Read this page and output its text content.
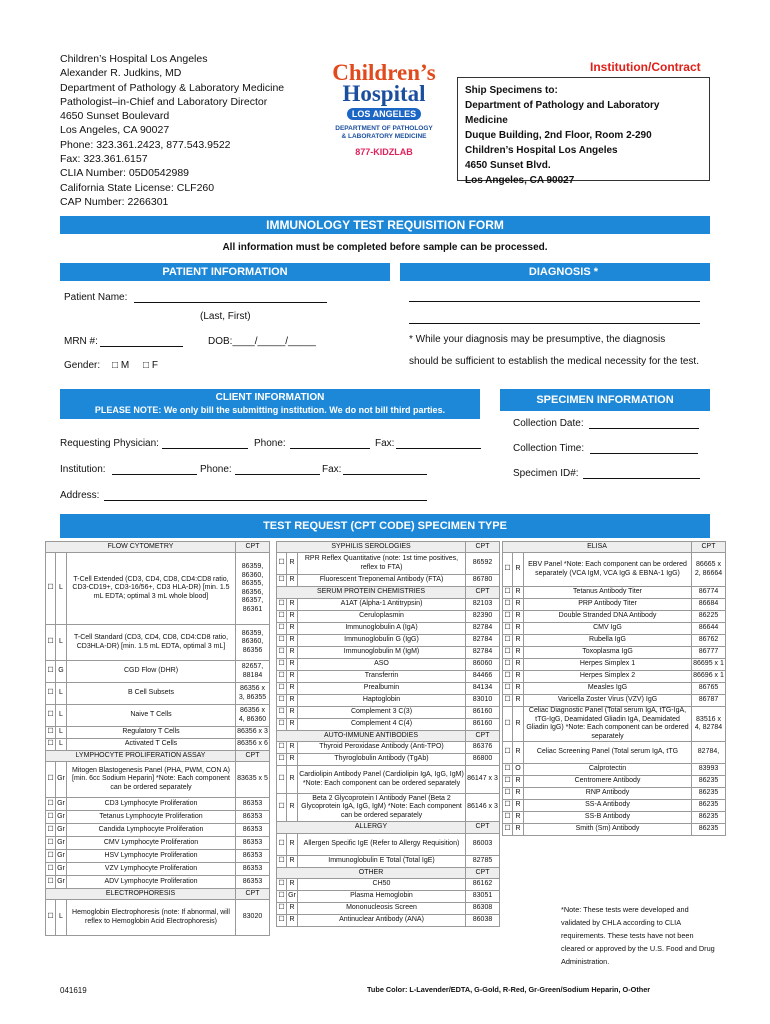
Children’s Hospital Los Angeles
Alexander R. Judkins, MD
Department of Pathology & Laboratory Medicine
Pathologist–in-Chief and Laboratory Director
4650 Sunset Boulevard
Los Angeles, CA 90027
Phone: 323.361.2423, 877.543.9522
Fax: 323.361.6157
CLIA Number: 05D0542989
California State License: CLF260
CAP Number: 2266301
Children’s
Hospital
LOS ANGELES
DEPARTMENT OF PATHOLOGY
& LABORATORY MEDICINE
877-KIDZLAB
Institution/Contract
Ship Specimens to:
Department of Pathology and Laboratory Medicine
Duque Building, 2nd Floor, Room 2-290
Children’s Hospital Los Angeles
4650 Sunset Blvd.
Los Angeles, CA 90027
IMMUNOLOGY TEST REQUISITION FORM
All information must be completed before sample can be processed.
PATIENT INFORMATION	DIAGNOSIS *
Patient Name:
(Last, First)
MRN #:	DOB:____/_____/_____
Gender: □ M □ F
* While your diagnosis may be presumptive, the diagnosis
should be sufficient to establish the medical necessity for the test.
CLIENT INFORMATION
PLEASE NOTE: We only bill the submitting institution. We do not bill third parties.
SPECIMEN INFORMATION
Collection Date:
Collection Time:
Specimen ID#:
Requesting Physician:	Phone:	Fax:
Institution:	Phone:	Fax:
Address:
TEST REQUEST (CPT CODE) SPECIMEN TYPE
FLOW CYTOMETRY			CPT
☐	L	T-Cell Extended (CD3, CD4, CD8, CD4:CD8 ratio, CD3-CD19+, CD3-16/56+, CD3 HLA-DR) [min. 1.5 mL EDTA; optimal 3 mL whole blood]	86359, 86360, 86355, 86356, 86357, 86361
☐	L	T-Cell Standard (CD3, CD4, CD8, CD4:CD8 ratio, CD3HLA-DR) [min. 1.5 mL EDTA, optimal 3 mL]	86359, 86360, 86356
☐	G	CGD Flow (DHR)	82657, 88184
☐	L	B Cell Subsets	86356 x 3, 86355
☐	L	Naive T Cells	86356 x 4, 86360
☐	L	Regulatory T Cells	86356 x 3
☐	L	Activated T Cells	86356 x 6
LYMPHOCYTE PROLIFERATION ASSAY			CPT
☐	Gr	Mitogen Blastogenesis Panel (PHA, PWM, CON A) [min. 6cc Sodium Heparin] *Note: Each component can be ordered separately	83635 x 5
☐	Gr	CD3 Lymphocyte Proliferation	86353
☐	Gr	Tetanus Lymphocyte Proliferation	86353
☐	Gr	Candida Lymphocyte Proliferation	86353
☐	Gr	CMV Lymphocyte Proliferation	86353
☐	Gr	HSV Lymphocyte Proliferation	86353
☐	Gr	VZV Lymphocyte Proliferation	86353
☐	Gr	ADV Lymphocyte Proliferation	86353
ELECTROPHORESIS			CPT
☐	L	Hemoglobin Electrophoresis (note: If abnormal, will reflex to Hemoglobin Acid Electrophoresis)	83020
SYPHILIS SEROLOGIES			CPT
☐	R	RPR Reflex Quantitative (note: 1st time positives, reflex to FTA)	86592
☐	R	Fluorescent Treponemal Antibody (FTA)	86780
SERUM PROTEIN CHEMISTRIES			CPT
☐	R	A1AT (Alpha-1 Antitrypsin)	82103
☐	R	Ceruloplasmin	82390
☐	R	Immunoglobulin A (IgA)	82784
☐	R	Immunoglobulin G (IgG)	82784
☐	R	Immunoglobulin M (IgM)	82784
☐	R	ASO	86060
☐	R	Transferrin	84466
☐	R	Prealbumin	84134
☐	R	Haptoglobin	83010
☐	R	Complement 3 C(3)	86160
☐	R	Complement 4 C(4)	86160
AUTO-IMMUNE ANTIBODIES			CPT
☐	R	Thyroid Peroxidase Antibody (Anti-TPO)	86376
☐	R	Thyroglobulin Antibody (TgAb)	86800
☐	R	Cardiolipin Antibody Panel (Cardiolipin IgA, IgG, IgM) *Note: Each component can be ordered separately	86147 x 3
☐	R	Beta 2 Glycoprotein I Antibody Panel (Beta 2 Glycoprotein IgA, IgG, IgM) *Note: Each component can be ordered separately	86146 x 3
ALLERGY			CPT
☐	R	Allergen Specific IgE (Refer to Allergy Requisition)	86003
☐	R	Immunoglobulin E Total (Total IgE)	82785
OTHER			CPT
☐	R	CH50	86162
☐	Gr	Plasma Hemoglobin	83051
☐	R	Mononucleosis Screen	86308
☐	R	Antinuclear Antibody (ANA)	86038
ELISA			CPT
☐	R	EBV Panel *Note: Each component can be ordered separately (VCA IgM, VCA IgG & EBNA-1 IgG)	86665 x 2, 86664
☐	R	Tetanus Antibody Titer	86774
☐	R	PRP Antibody Titer	86684
☐	R	Double Stranded DNA Antibody	86225
☐	R	CMV IgG	86644
☐	R	Rubella IgG	86762
☐	R	Toxoplasma IgG	86777
☐	R	Herpes Simplex 1	86695 x 1
☐	R	Herpes Simplex 2	86696 x 1
☐	R	Measles IgG	86765
☐	R	Varicella Zoster Virus (VZV) IgG	86787
☐	R	Celiac Diagnostic Panel (Total serum IgA, tTG-IgA, tTG-IgG, Deamidated Gliadin IgA, Deamidated Gliadin IgG) *Note: Each component can be ordered separately	83516 x 4, 82784
☐	R	Celiac Screening Panel (Total serum IgA, tTG	82784,
☐	O	Calprotectin	83993
☐	R	Centromere Antibody	86235
☐	R	RNP Antibody	86235
☐	R	SS-A Antibody	86235
☐	R	SS-B Antibody	86235
☐	R	Smith (Sm) Antibody	86235
*Note: These tests were developed and validated by CHLA according to CLIA requirements. These tests have not been cleared or approved by the U.S. Food and Drug Administration.
041619	Tube Color: L-Lavender/EDTA, G-Gold, R-Red, Gr-Green/Sodium Heparin, O-Other
